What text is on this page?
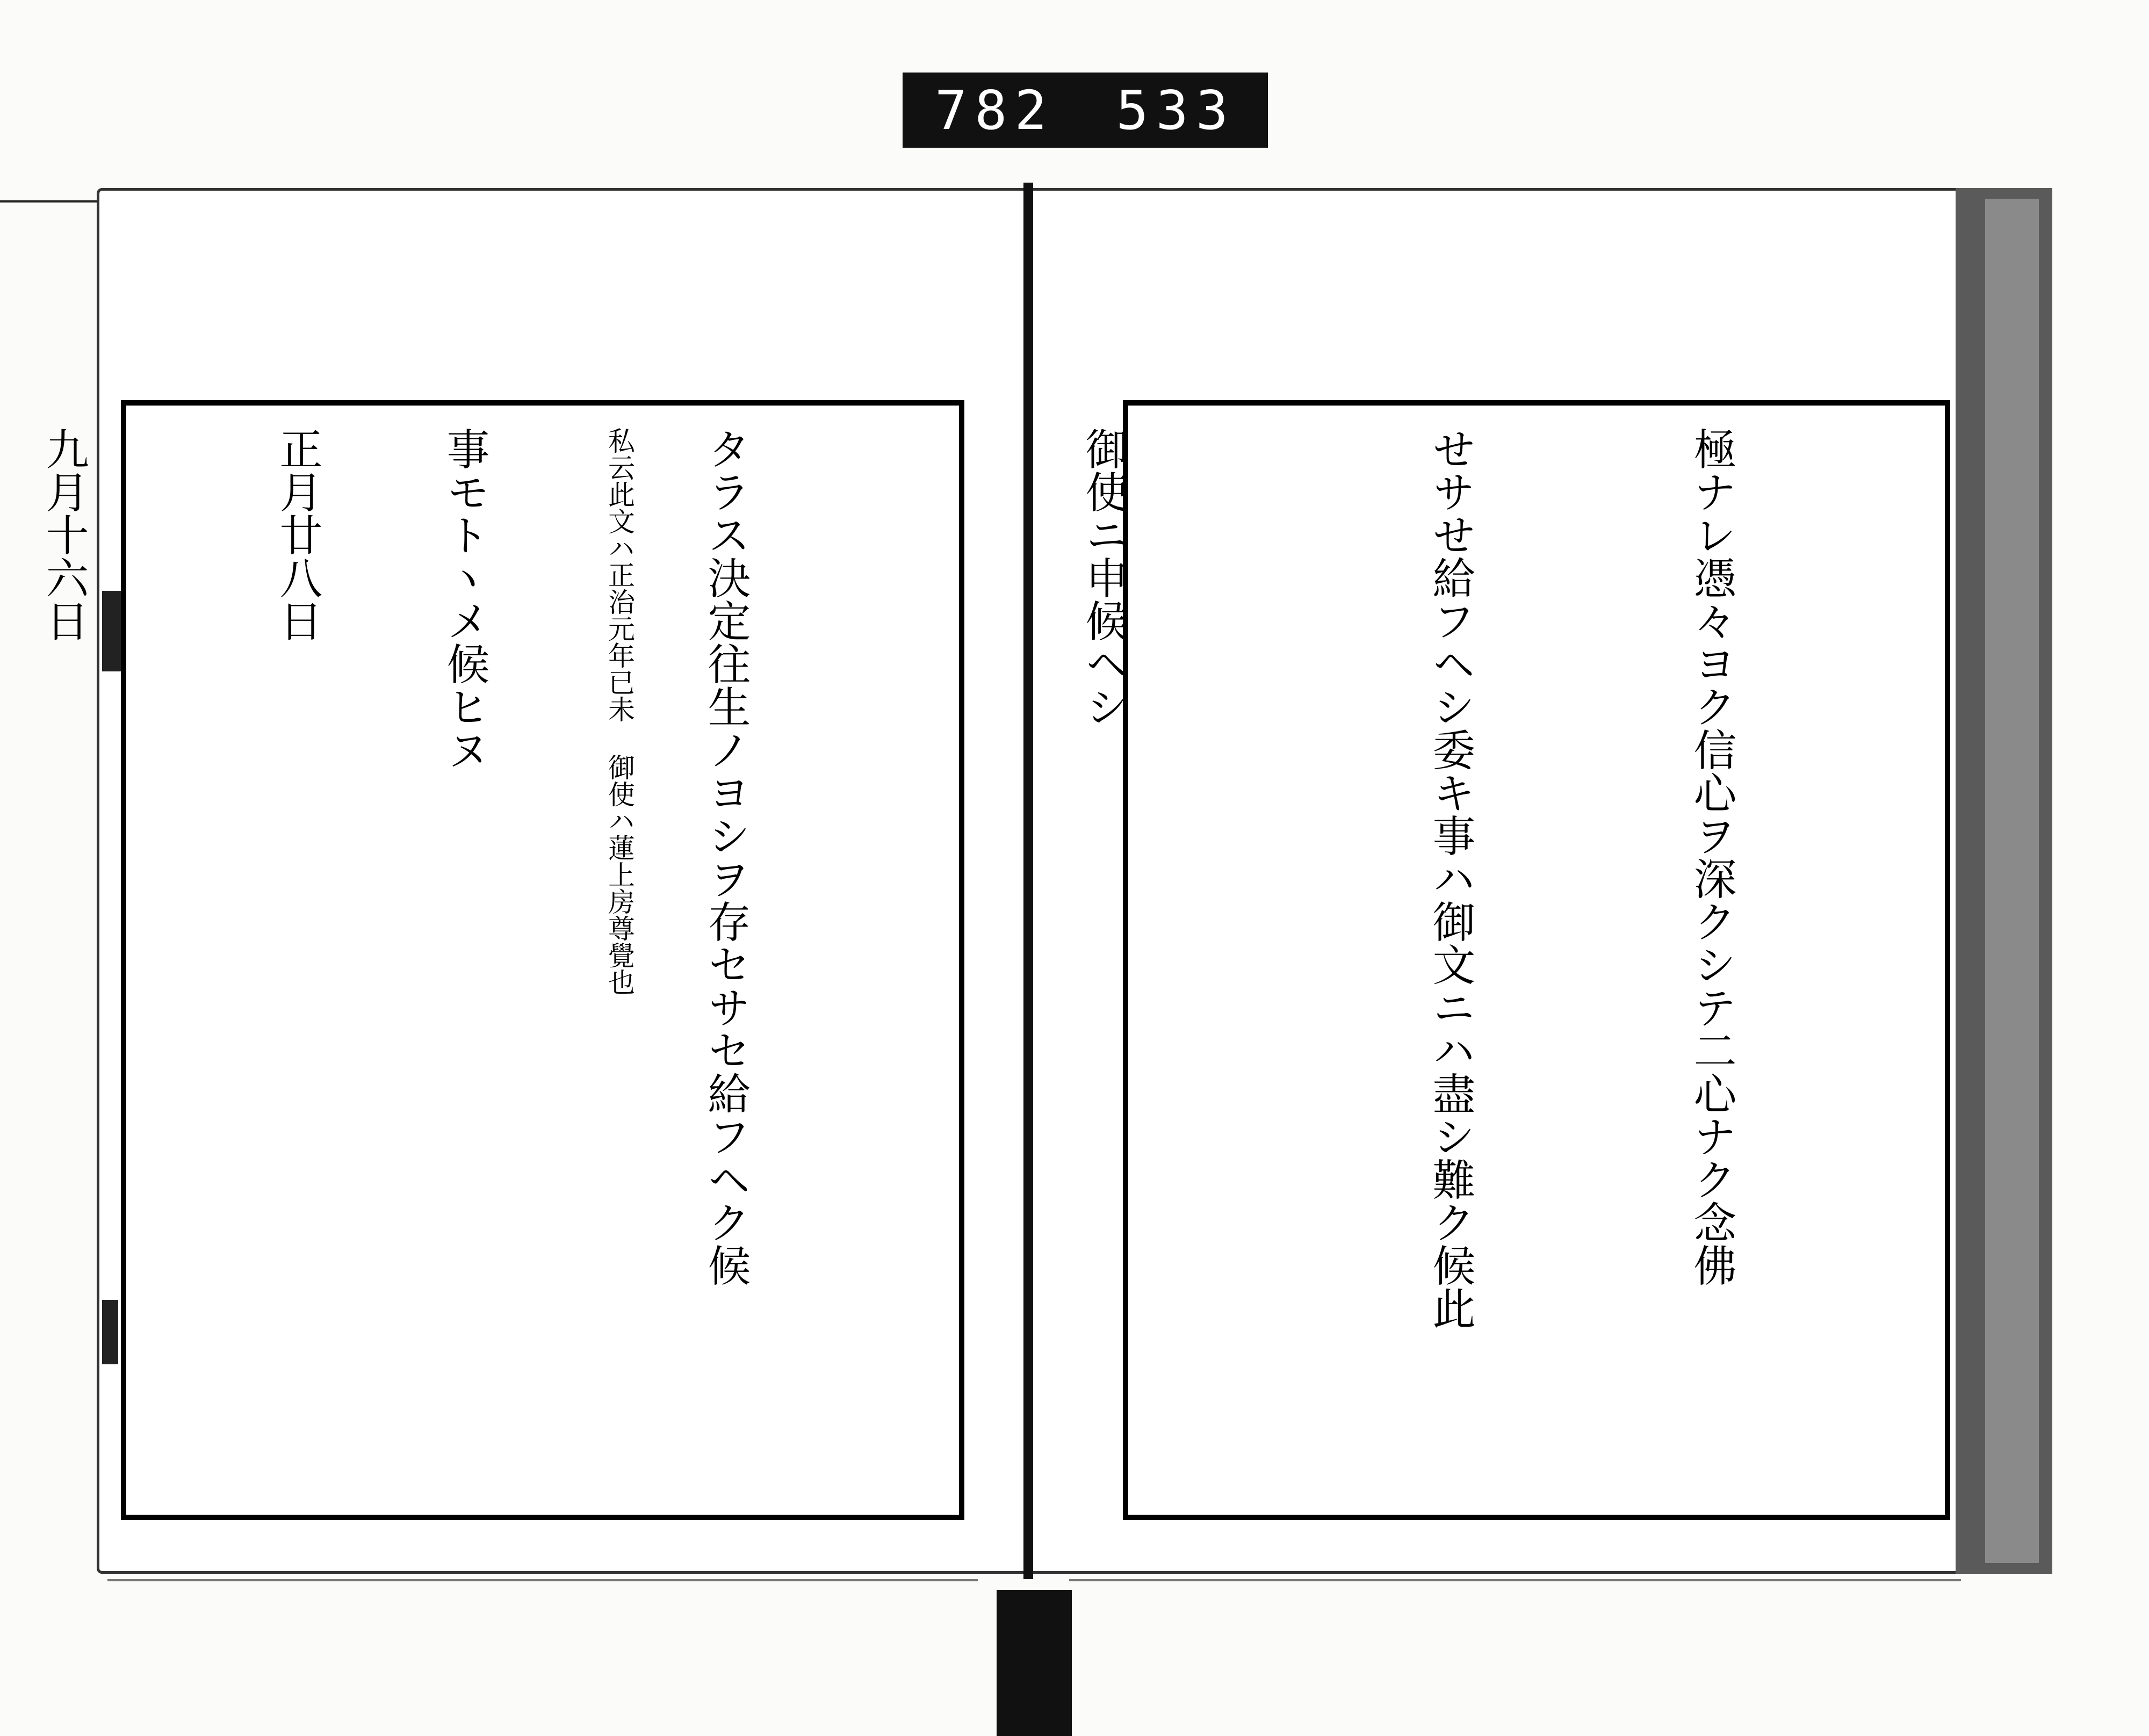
782 533

タラス決定往生ノヨシヲ存セサセ給フヘク候

事モトヽメ候ヒヌ

九月十六日

	極ナレ憑々ヨク信心ヲ深クシテ二心ナク念佛

せサせ給フヘシ委キ事ハ御文ニハ盡シ難ク候此

御使ニ申候ヘシ

私云此文ハ正治元年已未 御使ハ蓮上房尊覺也

正月廿八日
